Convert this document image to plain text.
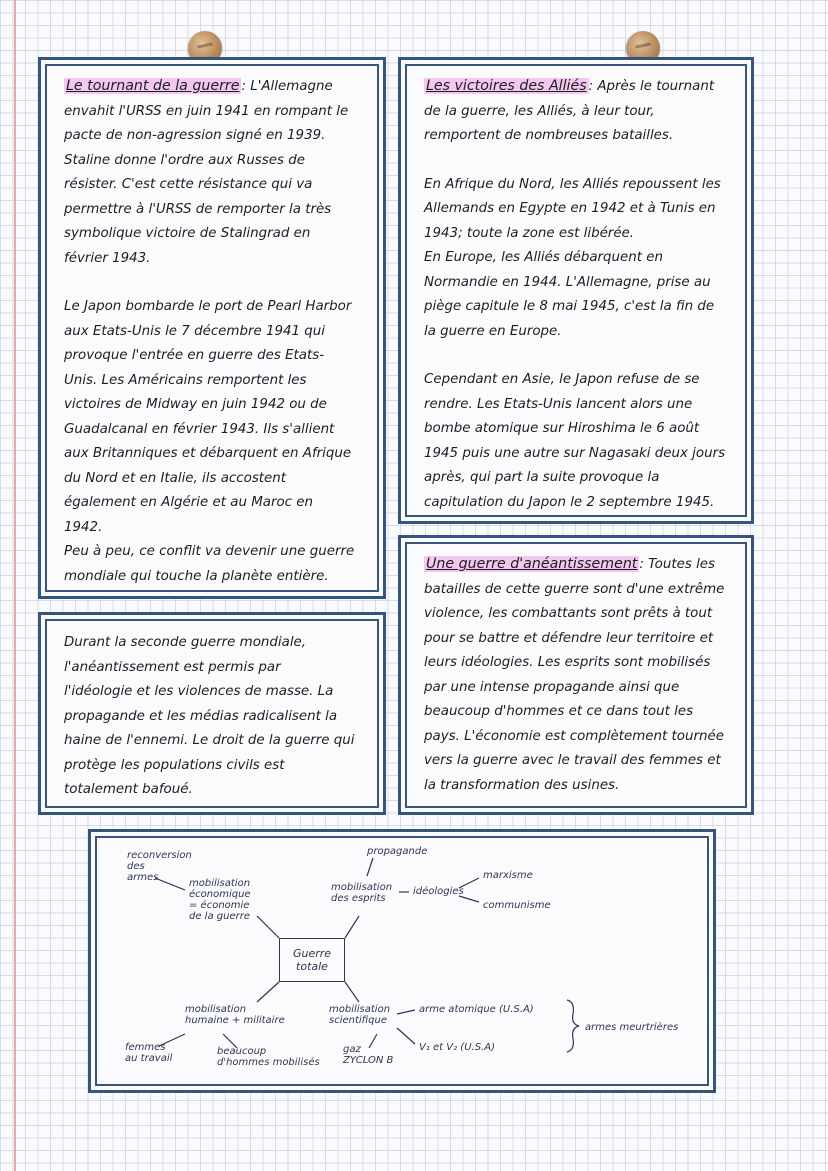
Le tournant de la guerre : L'Allemagne
envahit l'URSS en juin 1941 en rompant le
pacte de non-agression signé en 1939.
Staline donne l'ordre aux Russes de
résister. C'est cette résistance qui va
permettre à l'URSS de remporter la très
symbolique victoire de Stalingrad en
février 1943.
Le Japon bombarde le port de Pearl Harbor
aux Etats-Unis le 7 décembre 1941 qui
provoque l'entrée en guerre des Etats-
Unis. Les Américains remportent les
victoires de Midway en juin 1942 ou de
Guadalcanal en février 1943. Ils s'allient
aux Britanniques et débarquent en Afrique
du Nord et en Italie, ils accostent
également en Algérie et au Maroc en
1942.
Peu à peu, ce conflit va devenir une guerre
mondiale qui touche la planète entière.
Les victoires des Alliés : Après le tournant
de la guerre, les Alliés, à leur tour,
remportent de nombreuses batailles.
En Afrique du Nord, les Alliés repoussent les
Allemands en Egypte en 1942 et à Tunis en
1943; toute la zone est libérée.
En Europe, les Alliés débarquent en
Normandie en 1944. L'Allemagne, prise au
piège capitule le 8 mai 1945, c'est la fin de
la guerre en Europe.
Cependant en Asie, le Japon refuse de se
rendre. Les Etats-Unis lancent alors une
bombe atomique sur Hiroshima le 6 août
1945 puis une autre sur Nagasaki deux jours
après, qui part la suite provoque la
capitulation du Japon le 2 septembre 1945.
Durant la seconde guerre mondiale,
l'anéantissement est permis par
l'idéologie et les violences de masse. La
propagande et les médias radicalisent la
haine de l'ennemi. Le droit de la guerre qui
protège les populations civils est
totalement bafoué.
Une guerre d'anéantissement : Toutes les
batailles de cette guerre sont d'une extrême
violence, les combattants sont prêts à tout
pour se battre et défendre leur territoire et
leurs idéologies. Les esprits sont mobilisés
par une intense propagande ainsi que
beaucoup d'hommes et ce dans tout les
pays. L'économie est complètement tournée
vers la guerre avec le travail des femmes et
la transformation des usines.
reconversion
des
armes
mobilisation
économique
= économie
de la guerre
propagande
mobilisation
des esprits
idéologies
marxisme
communisme
Guerre
totale
mobilisation
humaine + militaire
femmes
au travail
beaucoup
d'hommes mobilisés
mobilisation
scientifique
gaz
ZYCLON B
arme atomique (U.S.A)
V₁ et V₂ (U.S.A)
armes meurtrières
